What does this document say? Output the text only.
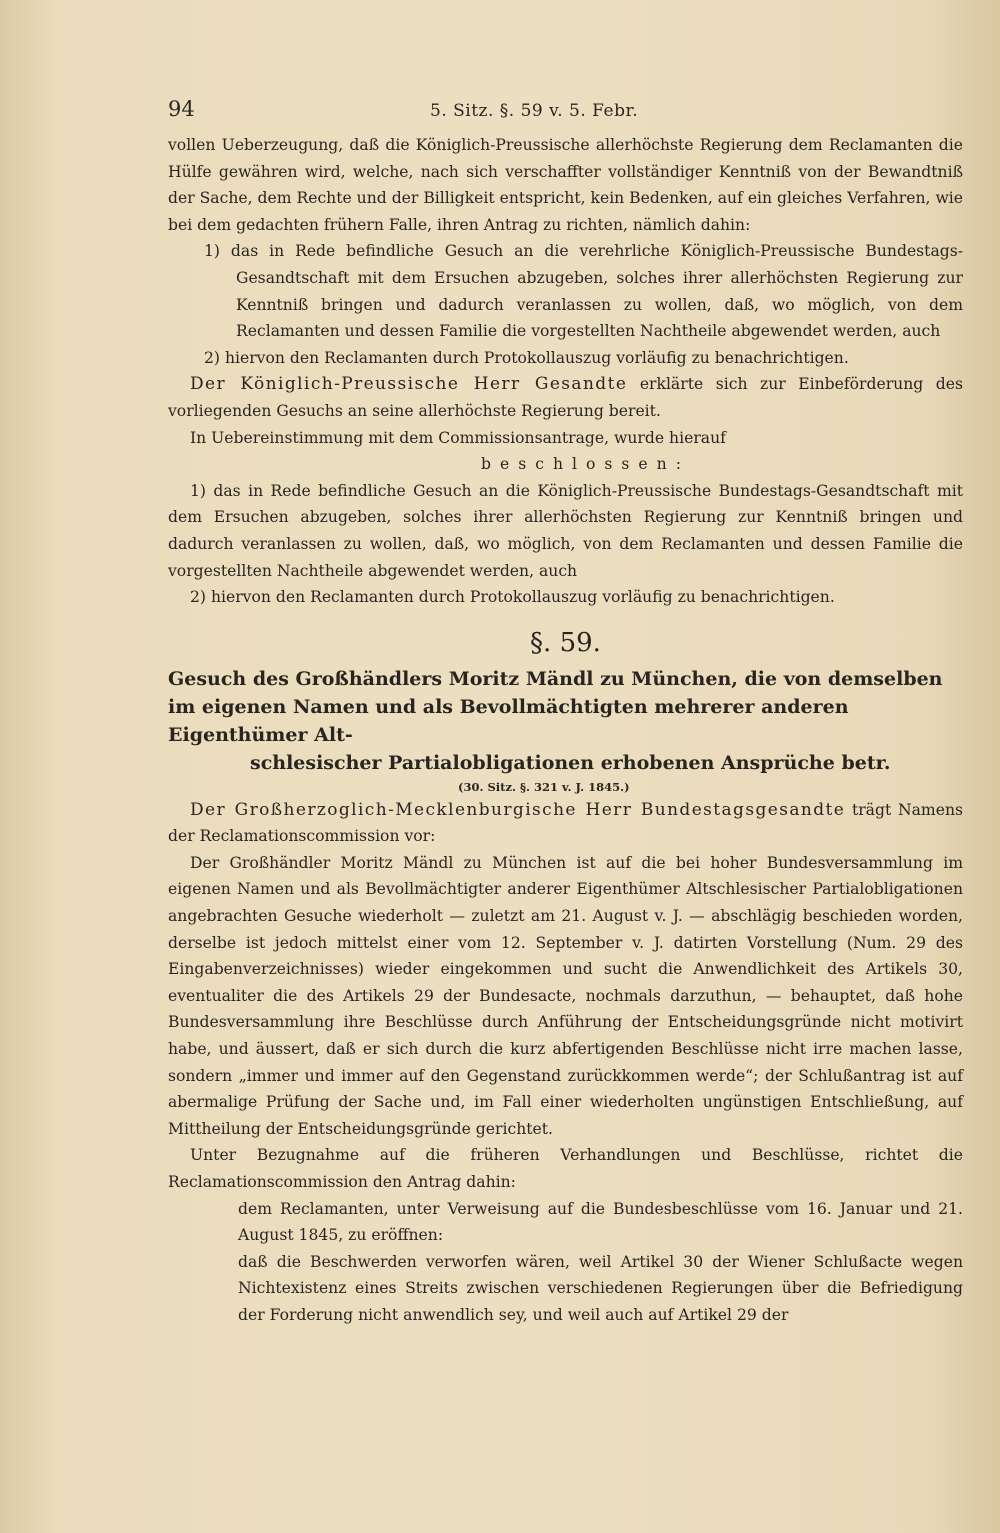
94	5. Sitz. §. 59 v. 5. Febr.

vollen Ueberzeugung, daß die Königlich-Preussische allerhöchste Regierung dem Reclamanten die Hülfe gewähren wird, welche, nach sich verschaffter vollständiger Kenntniß von der Bewandtniß der Sache, dem Rechte und der Billigkeit entspricht, kein Bedenken, auf ein gleiches Verfahren, wie bei dem gedachten frühern Falle, ihren Antrag zu richten, nämlich dahin:

1) das in Rede befindliche Gesuch an die verehrliche Königlich-Preussische Bundestags-Gesandtschaft mit dem Ersuchen abzugeben, solches ihrer allerhöchsten Regierung zur Kenntniß bringen und dadurch veranlassen zu wollen, daß, wo möglich, von dem Reclamanten und dessen Familie die vorgestellten Nachtheile abgewendet werden, auch

2) hiervon den Reclamanten durch Protokollauszug vorläufig zu benachrichtigen.

Der Königlich-Preussische Herr Gesandte erklärte sich zur Einbeförderung des vorliegenden Gesuchs an seine allerhöchste Regierung bereit.

In Uebereinstimmung mit dem Commissionsantrage, wurde hierauf

beschlossen:

1) das in Rede befindliche Gesuch an die Königlich-Preussische Bundestags-Gesandtschaft mit dem Ersuchen abzugeben, solches ihrer allerhöchsten Regierung zur Kenntniß bringen und dadurch veranlassen zu wollen, daß, wo möglich, von dem Reclamanten und dessen Familie die vorgestellten Nachtheile abgewendet werden, auch

2) hiervon den Reclamanten durch Protokollauszug vorläufig zu benachrichtigen.

§. 59.

Gesuch des Großhändlers Moritz Mändl zu München, die von demselben im eigenen Namen und als Bevollmächtigten mehrerer anderen Eigenthümer Alt-
schlesischer Partialobligationen erhobenen Ansprüche betr.

(30. Sitz. §. 321 v. J. 1845.)

Der Großherzoglich-Mecklenburgische Herr Bundestagsgesandte trägt Namens der Reclamationscommission vor:

Der Großhändler Moritz Mändl zu München ist auf die bei hoher Bundesversammlung im eigenen Namen und als Bevollmächtigter anderer Eigenthümer Altschlesischer Partialobligationen angebrachten Gesuche wiederholt — zuletzt am 21. August v. J. — abschlägig beschieden worden, derselbe ist jedoch mittelst einer vom 12. September v. J. datirten Vorstellung (Num. 29 des Eingabenverzeichnisses) wieder eingekommen und sucht die Anwendlichkeit des Artikels 30, eventualiter die des Artikels 29 der Bundesacte, nochmals darzuthun, — behauptet, daß hohe Bundesversammlung ihre Beschlüsse durch Anführung der Entscheidungsgründe nicht motivirt habe, und äussert, daß er sich durch die kurz abfertigenden Beschlüsse nicht irre machen lasse, sondern „immer und immer auf den Gegenstand zurückkommen werde“; der Schlußantrag ist auf abermalige Prüfung der Sache und, im Fall einer wiederholten ungünstigen Entschließung, auf Mittheilung der Entscheidungsgründe gerichtet.

Unter Bezugnahme auf die früheren Verhandlungen und Beschlüsse, richtet die Reclamationscommission den Antrag dahin:

dem Reclamanten, unter Verweisung auf die Bundesbeschlüsse vom 16. Januar und 21. August 1845, zu eröffnen:

daß die Beschwerden verworfen wären, weil Artikel 30 der Wiener Schlußacte wegen Nichtexistenz eines Streits zwischen verschiedenen Regierungen über die Befriedigung der Forderung nicht anwendlich sey, und weil auch auf Artikel 29 der
